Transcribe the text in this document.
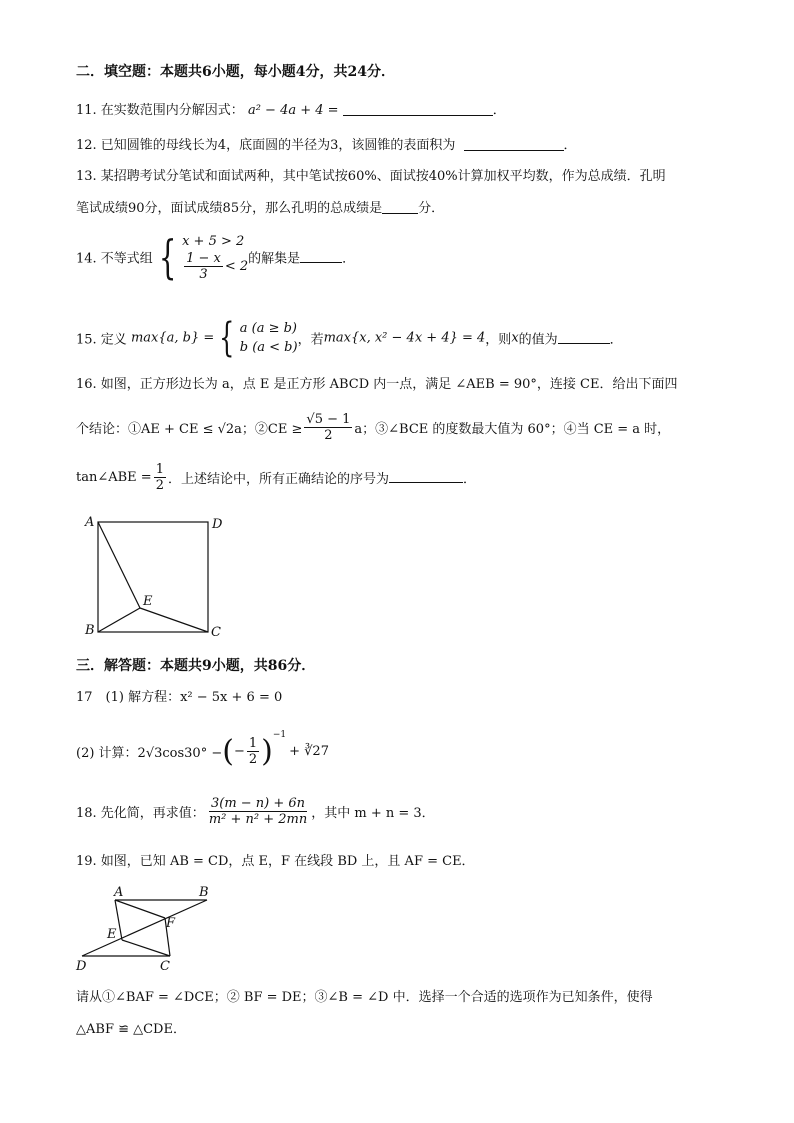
二．填空题：本题共6小题，每小题4分，共24分．
11. 在实数范围内分解因式： a² − 4a + 4 =	．
12. 已知圆锥的母线长为4，底面圆的半径为3，该圆锥的表面积为	．
13. 某招聘考试分笔试和面试两种，其中笔试按60%、面试按40%计算加权平均数，作为总成绩．孔明
笔试成绩90分，面试成绩85分，那么孔明的总成绩是	分．
14. 不等式组 { x + 5 > 2
$\frac{1 - x}{3} < 2$ 的解集是	．
15. 定义 max{a, b} = { a (a ≥ b)
b (a < b) ，若max{x, x² − 4x + 4} = 4，则x的值为	．
16. 如图，正方形边长为 a，点 E 是正方形 ABCD 内一点，满足 ∠AEB = 90°，连接 CE．给出下面四
个结论：①AE + CE ≤ √2a；②CE ≥ $\frac{√5 - 1}{2}$ a；③∠BCE 的度数最大值为 60°；④当 CE = a 时，
tan∠ABE = $\frac{1}{2}$ ．上述结论中，所有正确结论的序号为	．
A	D
B	C
E
三．解答题：本题共9小题，共86分．
17　(1) 解方程：x² − 5x + 6 = 0
(2) 计算：2√3cos30° −(− $\frac{1}{2} )^{-1}+$ ∛27
18. 先化简，再求值： $\frac{3(m - n) + 6n}{\text{m² + n² + 2mn}}$ ，其中 m + n = 3．
19. 如图，已知 AB = CD，点 E，F 在线段 BD 上，且 AF = CE．
A	B
E
F
D	C
请从①∠BAF = ∠DCE；② BF = DE；③∠B = ∠D 中．选择一个合适的选项作为已知条件，使得
△ABF ≌ △CDE．
